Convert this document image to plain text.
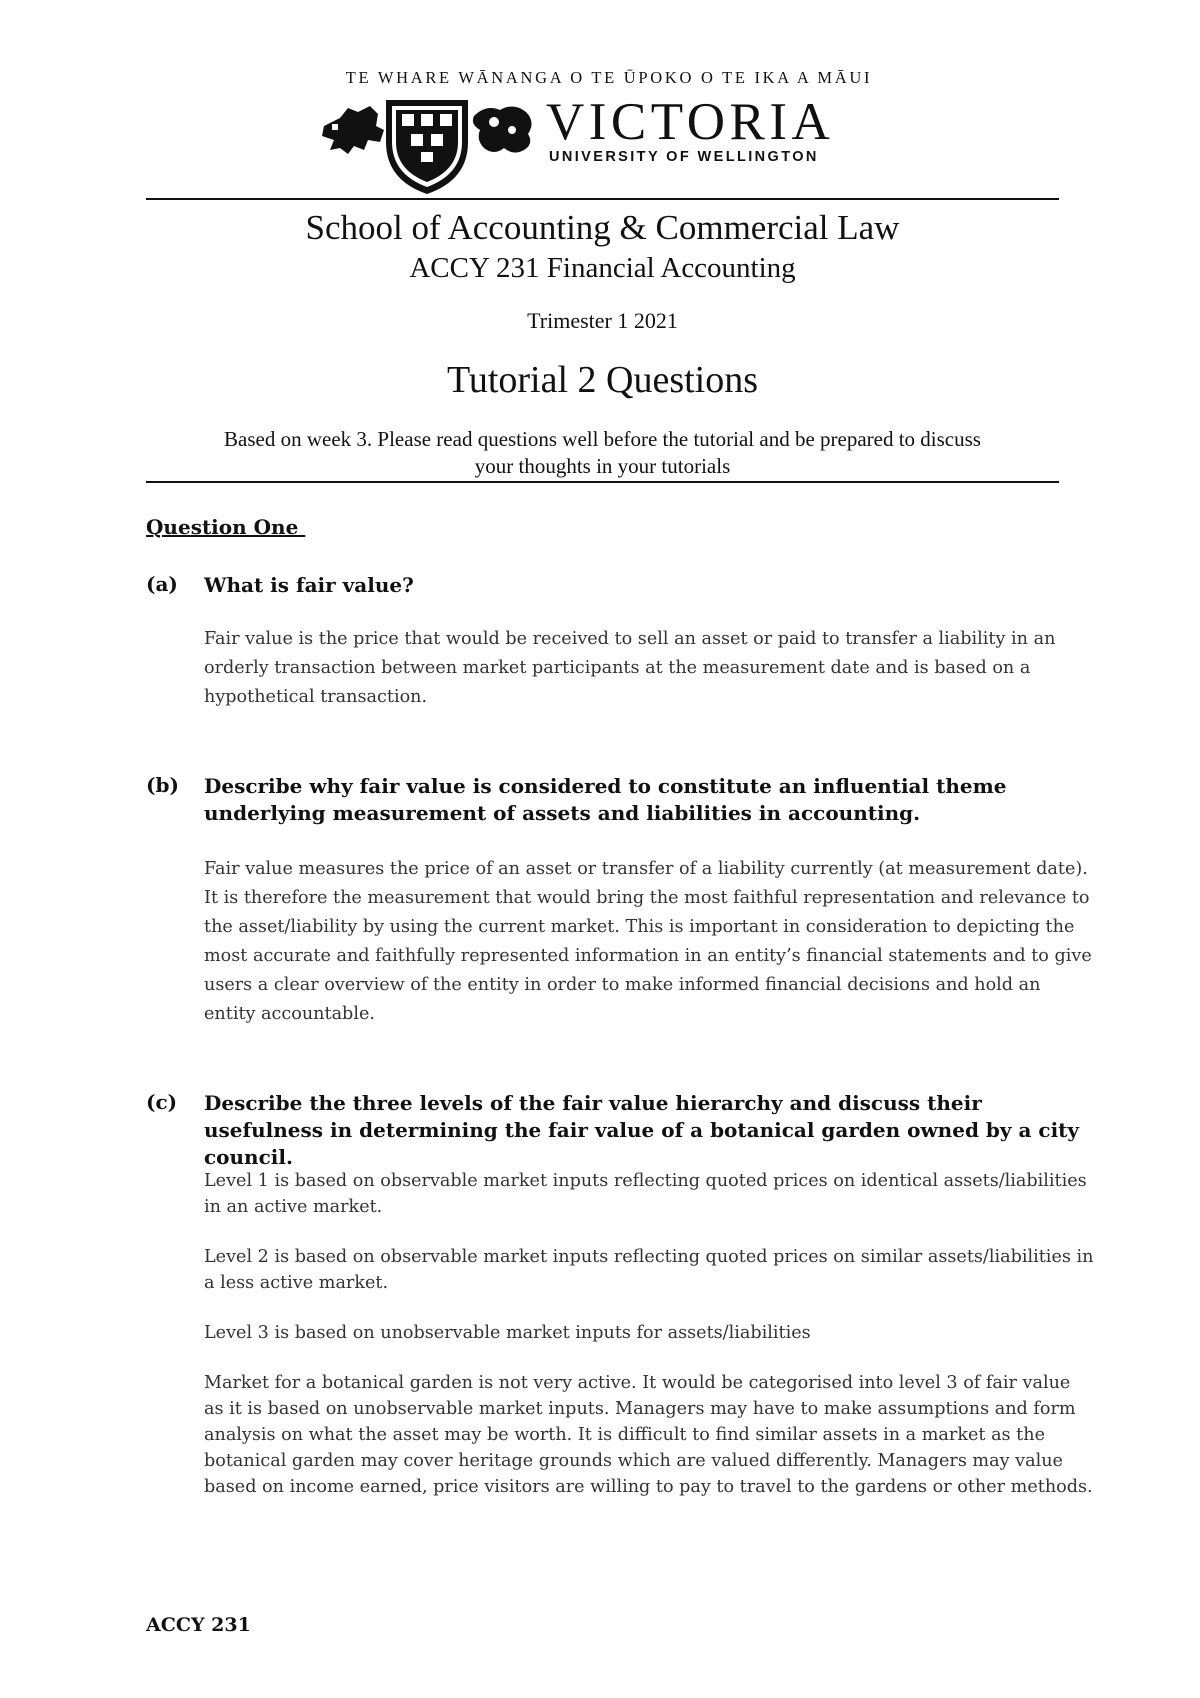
TE WHARE WĀNANGA O TE ŪPOKO O TE IKA A MĀUI
VICTORIA
UNIVERSITY OF WELLINGTON
School of Accounting & Commercial Law
ACCY 231 Financial Accounting
Trimester 1 2021
Tutorial 2 Questions
Based on week 3. Please read questions well before the tutorial and be prepared to discuss
your thoughts in your tutorials
Question One
(a) What is fair value?

Fair value is the price that would be received to sell an asset or paid to transfer a liability in an orderly transaction between market participants at the measurement date and is based on a hypothetical transaction.

(b) Describe why fair value is considered to constitute an influential theme underlying measurement of assets and liabilities in accounting.

Fair value measures the price of an asset or transfer of a liability currently (at measurement date). It is therefore the measurement that would bring the most faithful representation and relevance to the asset/liability by using the current market. This is important in consideration to depicting the most accurate and faithfully represented information in an entity’s financial statements and to give users a clear overview of the entity in order to make informed financial decisions and hold an entity accountable.

(c) Describe the three levels of the fair value hierarchy and discuss their usefulness in determining the fair value of a botanical garden owned by a city council.

Level 1 is based on observable market inputs reflecting quoted prices on identical assets/liabilities in an active market.

Level 2 is based on observable market inputs reflecting quoted prices on similar assets/liabilities in a less active market.

Level 3 is based on unobservable market inputs for assets/liabilities

Market for a botanical garden is not very active. It would be categorised into level 3 of fair value as it is based on unobservable market inputs. Managers may have to make assumptions and form analysis on what the asset may be worth. It is difficult to find similar assets in a market as the botanical garden may cover heritage grounds which are valued differently. Managers may value based on income earned, price visitors are willing to pay to travel to the gardens or other methods.

ACCY 231
